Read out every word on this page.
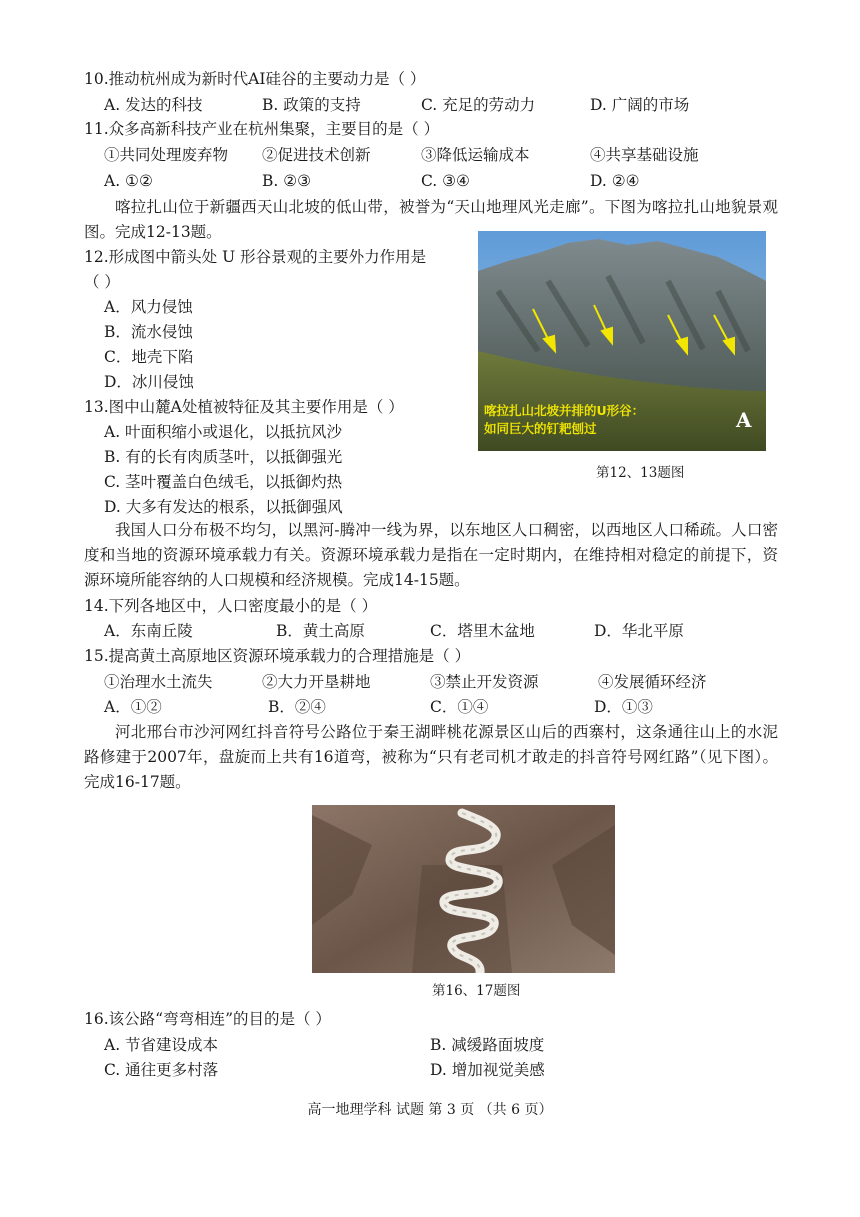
10.推动杭州成为新时代AI硅谷的主要动力是（ ）
A. 发达的科技	B. 政策的支持	C. 充足的劳动力	D. 广阔的市场
11.众多高新科技产业在杭州集聚，主要目的是（ ）
①共同处理废弃物 ②促进技术创新	③降低运输成本	④共享基础设施
A. ①②	B. ②③	C. ③④	D. ②④
喀拉扎山位于新疆西天山北坡的低山带，被誉为“天山地理风光走廊”。下图为喀拉扎山地貌景观图。完成12-13题。
12.形成图中箭头处 U 形谷景观的主要外力作用是
（ ）
A．风力侵蚀
B．流水侵蚀
C．地壳下陷
D．冰川侵蚀
13.图中山麓A处植被特征及其主要作用是（ ）
A. 叶面积缩小或退化，以抵抗风沙
B. 有的长有肉质茎叶，以抵御强光
C. 茎叶覆盖白色绒毛，以抵御灼热
D. 大多有发达的根系，以抵御强风
喀拉扎山北坡并排的U形谷：
如同巨大的钉耙刨过	A
第12、13题图
我国人口分布极不均匀，以黑河-腾冲一线为界，以东地区人口稠密，以西地区人口稀疏。人口密度和当地的资源环境承载力有关。资源环境承载力是指在一定时期内，在维持相对稳定的前提下，资源环境所能容纳的人口规模和经济规模。完成14-15题。
14.下列各地区中，人口密度最小的是（ ）
A．东南丘陵	B．黄土高原	C．塔里木盆地	D．华北平原
15.提高黄土高原地区资源环境承载力的合理措施是（ ）
①治理水土流失	②大力开垦耕地	③禁止开发资源	④发展循环经济
A．①②	B．②④	C．①④	D．①③
河北邢台市沙河网红抖音符号公路位于秦王湖畔桃花源景区山后的西寨村，这条通往山上的水泥路修建于2007年，盘旋而上共有16道弯，被称为“只有老司机才敢走的抖音符号网红路”（见下图）。完成16-17题。
第16、17题图
16.该公路“弯弯相连”的目的是（ ）
A. 节省建设成本	B. 减缓路面坡度
C. 通往更多村落	D. 增加视觉美感
高一地理学科 试题 第 3 页 （共 6 页）
